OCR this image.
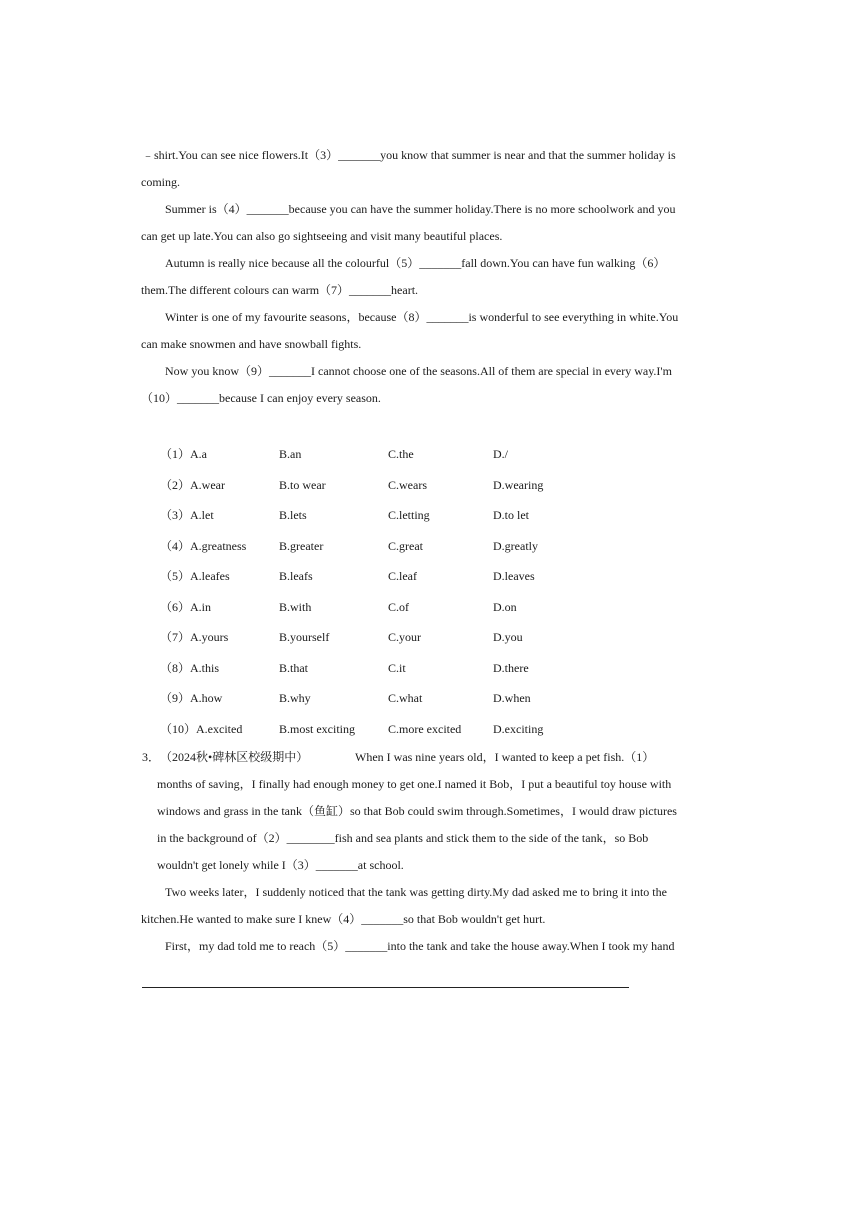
﹣shirt.You can see nice flowers.It（3）_______you know that summer is near and that the summer holiday is
coming.
Summer is（4）_______because you can have the summer holiday.There is no more schoolwork and you
can get up late.You can also go sightseeing and visit many beautiful places.
Autumn is really nice because all the colourful（5）_______fall down.You can have fun walking（6）
them.The different colours can warm（7）_______heart.
Winter is one of my favourite seasons，because（8）_______is wonderful to see everything in white.You
can make snowmen and have snowball fights.
Now you know（9）_______I cannot choose one of the seasons.All of them are special in every way.I'm
（10）_______because I can enjoy every season.
（1）A.a	B.an	C.the	D./
（2）A.wear	B.to wear	C.wears	D.wearing
（3）A.let	B.lets	C.letting	D.to let
（4）A.greatness	B.greater	C.great	D.greatly
（5）A.leafes	B.leafs	C.leaf	D.leaves
（6）A.in	B.with	C.of	D.on
（7）A.yours	B.yourself	C.your	D.you
（8）A.this	B.that	C.it	D.there
（9）A.how	B.why	C.what	D.when
（10）A.excited	B.most exciting	C.more excited	D.exciting
3． （2024秋•碑林区校级期中）	When I was nine years old，I wanted to keep a pet fish.（1）
months of saving，I finally had enough money to get one.I named it Bob，I put a beautiful toy house with
windows and grass in the tank（鱼缸）so that Bob could swim through.Sometimes，I would draw pictures
in the background of（2）________fish and sea plants and stick them to the side of the tank，so Bob
wouldn't get lonely while I（3）_______at school.
Two weeks later，I suddenly noticed that the tank was getting dirty.My dad asked me to bring it into the
kitchen.He wanted to make sure I knew（4）_______so that Bob wouldn't get hurt.
First，my dad told me to reach（5）_______into the tank and take the house away.When I took my hand
